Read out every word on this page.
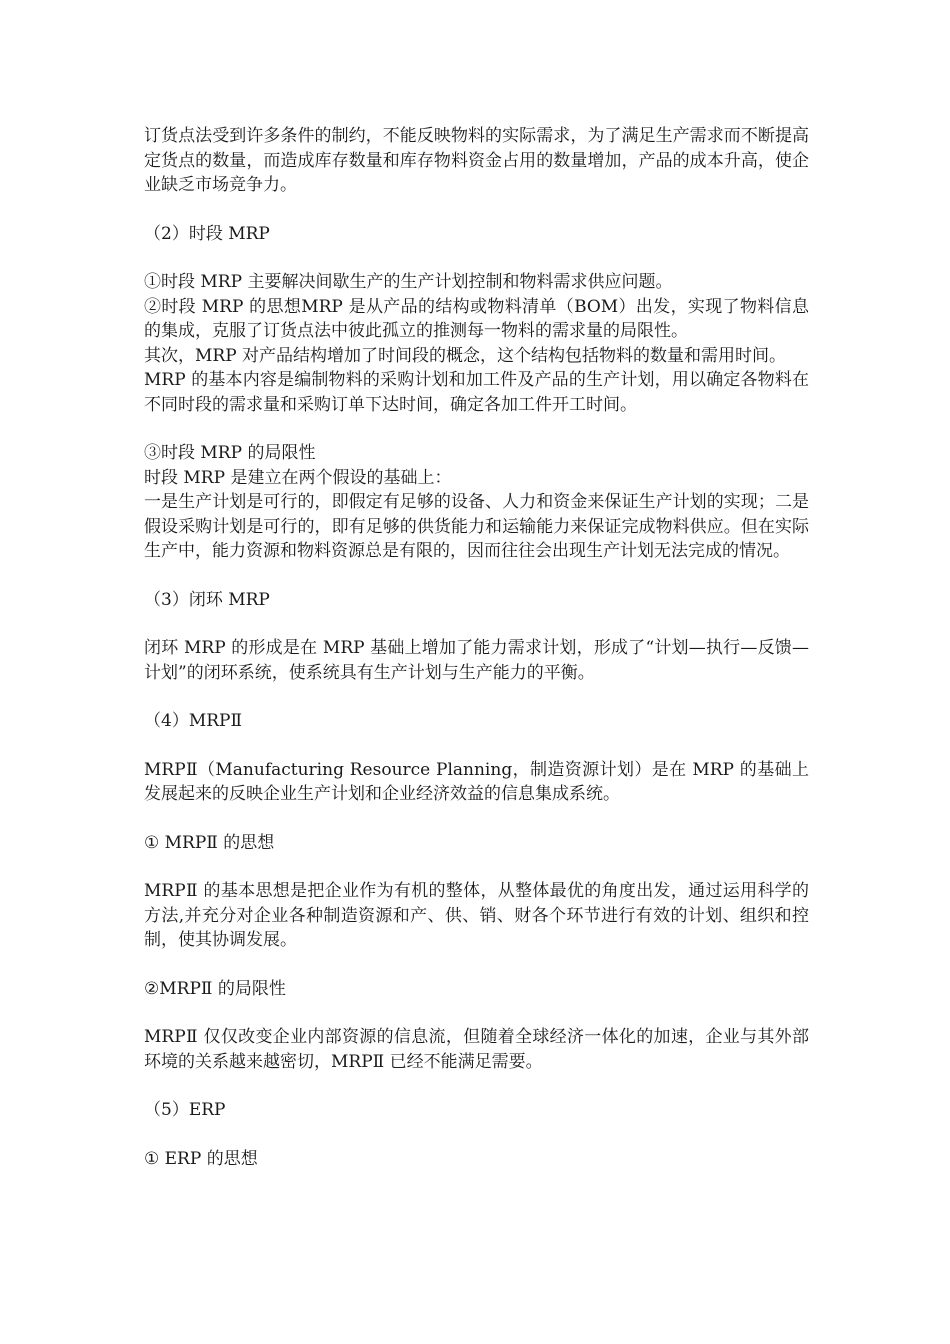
订货点法受到许多条件的制约，不能反映物料的实际需求，为了满足生产需求而不断提高定货点的数量，而造成库存数量和库存物料资金占用的数量增加，产品的成本升高，使企业缺乏市场竞争力。

（2）时段 MRP

①时段 MRP 主要解决间歇生产的生产计划控制和物料需求供应问题。

②时段 MRP 的思想MRP 是从产品的结构或物料清单（BOM）出发，实现了物料信息的集成，克服了订货点法中彼此孤立的推测每一物料的需求量的局限性。

其次，MRP 对产品结构增加了时间段的概念，这个结构包括物料的数量和需用时间。

MRP 的基本内容是编制物料的采购计划和加工件及产品的生产计划，用以确定各物料在不同时段的需求量和采购订单下达时间，确定各加工件开工时间。

③时段 MRP 的局限性

时段 MRP 是建立在两个假设的基础上：

一是生产计划是可行的，即假定有足够的设备、人力和资金来保证生产计划的实现；二是假设采购计划是可行的，即有足够的供货能力和运输能力来保证完成物料供应。但在实际生产中，能力资源和物料资源总是有限的，因而往往会出现生产计划无法完成的情况。

（3）闭环 MRP

闭环 MRP 的形成是在 MRP 基础上增加了能力需求计划，形成了“计划—执行—反馈—计划”的闭环系统，使系统具有生产计划与生产能力的平衡。

（4）MRPⅡ

MRPⅡ（Manufacturing Resource Planning，制造资源计划）是在 MRP 的基础上发展起来的反映企业生产计划和企业经济效益的信息集成系统。

① MRPⅡ 的思想

MRPⅡ 的基本思想是把企业作为有机的整体，从整体最优的角度出发，通过运用科学的方法,并充分对企业各种制造资源和产、供、销、财各个环节进行有效的计划、组织和控制，使其协调发展。

②MRPⅡ 的局限性

MRPⅡ 仅仅改变企业内部资源的信息流，但随着全球经济一体化的加速，企业与其外部环境的关系越来越密切，MRPⅡ 已经不能满足需要。

（5）ERP

① ERP 的思想
